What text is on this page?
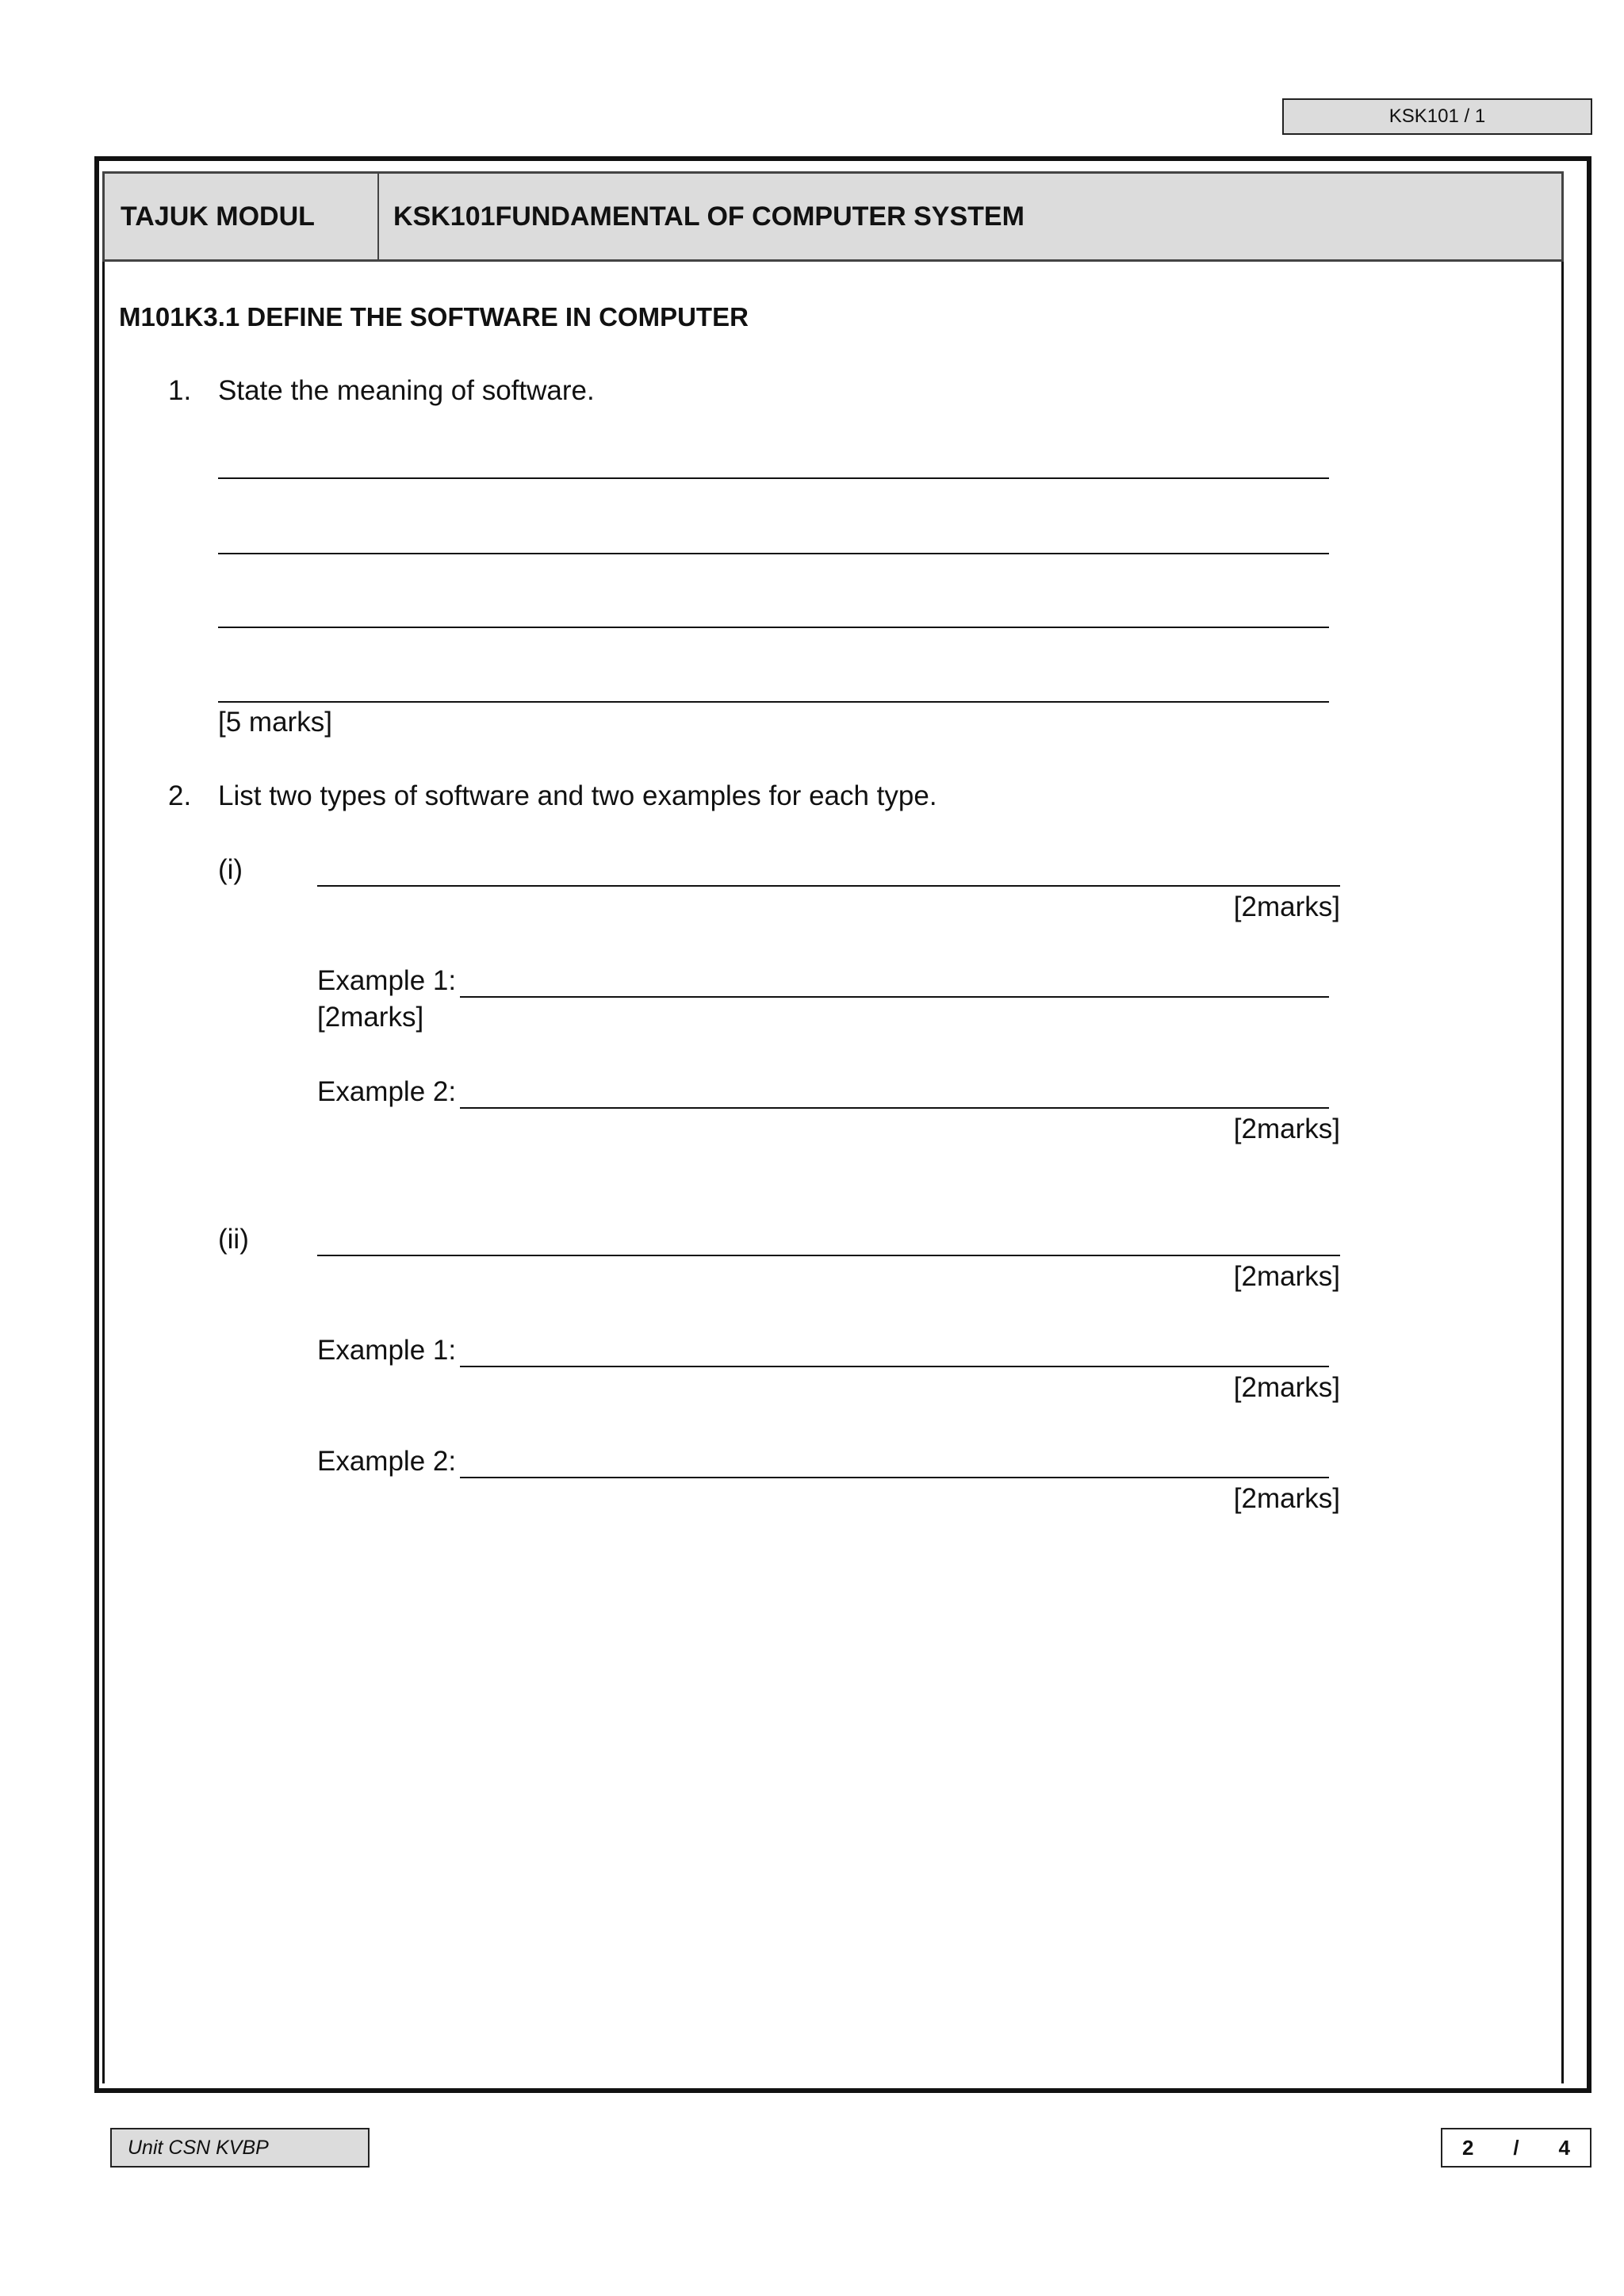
KSK101 / 1
TAJUK MODUL	KSK101FUNDAMENTAL OF COMPUTER SYSTEM
M101K3.1 DEFINE THE SOFTWARE IN COMPUTER
1. State the meaning of software.
[5 marks]
2. List two types of software and two examples for each type.
(i)
[2marks]
Example 1:
[2marks]
Example 2:
[2marks]
(ii)
[2marks]
Example 1:
[2marks]
Example 2:
[2marks]
Unit CSN KVBP	2 / 4
